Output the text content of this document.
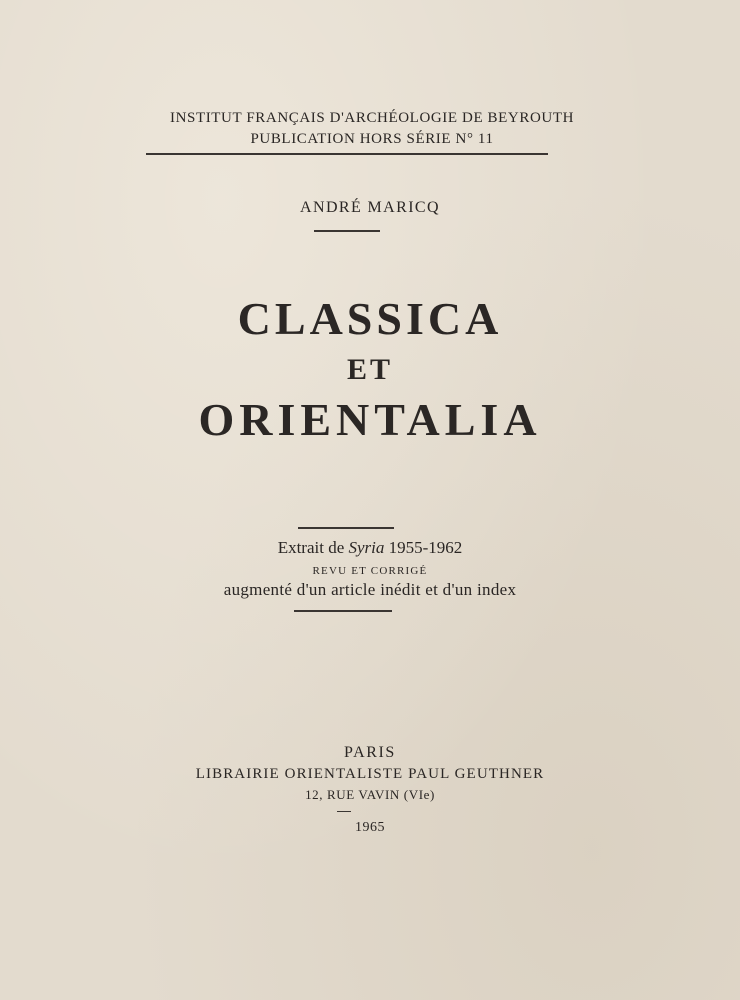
INSTITUT FRANÇAIS D'ARCHÉOLOGIE DE BEYROUTH
PUBLICATION HORS SÉRIE N° 11
ANDRÉ MARICQ
CLASSICA
ET
ORIENTALIA
Extrait de Syria 1955-1962
REVU ET CORRIGÉ
augmenté d'un article inédit et d'un index
PARIS
LIBRAIRIE ORIENTALISTE PAUL GEUTHNER
12, RUE VAVIN (VIe)
1965
